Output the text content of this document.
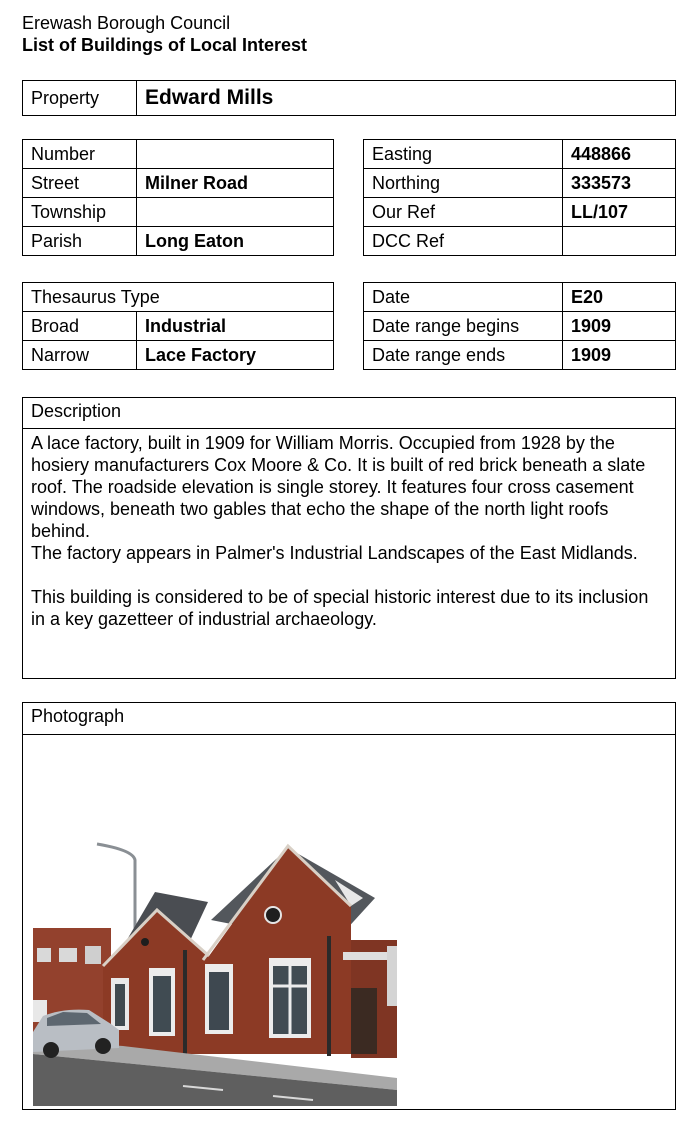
Erewash Borough Council
List of Buildings of Local Interest
Property	Edward Mills
Number	
Street	Milner Road
Township	
Parish	Long Eaton
Easting	448866
Northing	333573
Our Ref	LL/107
DCC Ref	
Thesaurus Type	
Broad	Industrial
Narrow	Lace Factory
Date	E20
Date range begins	1909
Date range ends	1909
Description

A lace factory, built in 1909 for William Morris. Occupied from 1928 by the hosiery manufacturers Cox Moore & Co. It is built of red brick beneath a slate roof. The roadside elevation is single storey. It features four cross casement windows, beneath two gables that echo the shape of the north light roofs behind.

The factory appears in Palmer's Industrial Landscapes of the East Midlands.

This building is considered to be of special historic interest due to its inclusion in a key gazetteer of industrial archaeology.

Photograph
